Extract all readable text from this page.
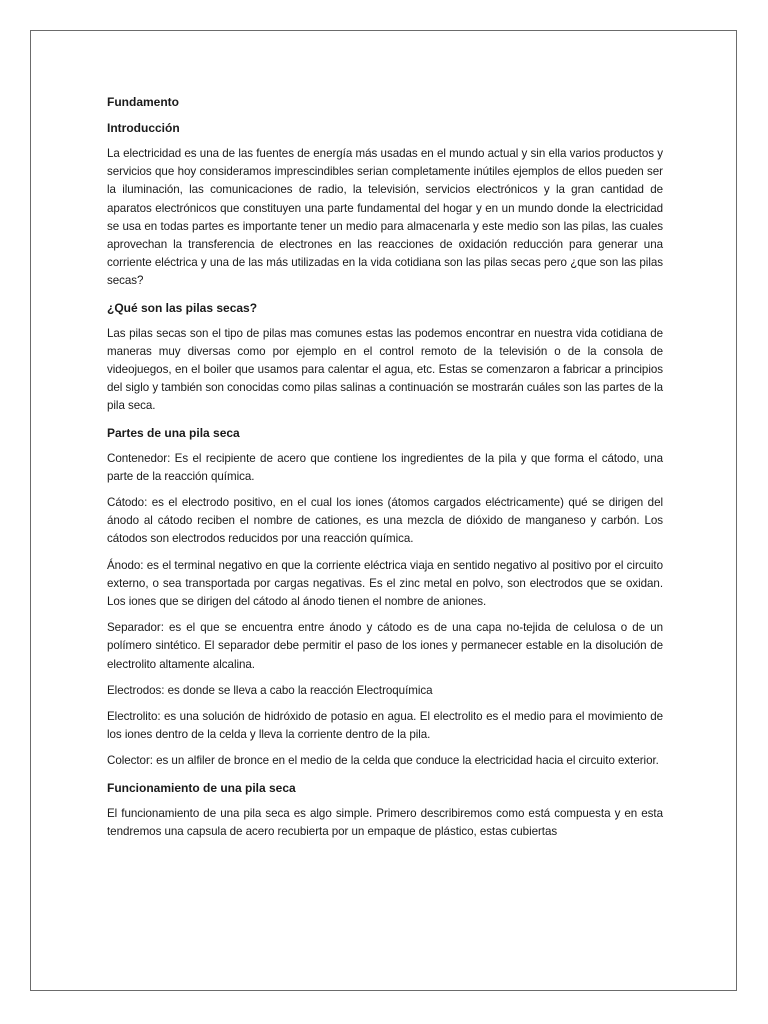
Fundamento
Introducción
La electricidad es una de las fuentes de energía más usadas en el mundo actual y sin ella varios productos y servicios que hoy consideramos imprescindibles serian completamente inútiles ejemplos de ellos pueden ser la iluminación, las comunicaciones de radio, la televisión, servicios electrónicos y la gran cantidad de aparatos electrónicos que constituyen una parte fundamental del hogar y en un mundo donde la electricidad se usa en todas partes es importante tener un medio para almacenarla y este medio son las pilas, las cuales aprovechan la transferencia de electrones en las reacciones de oxidación reducción para generar una corriente eléctrica y una de las más utilizadas en la vida cotidiana son las pilas secas pero ¿que son las pilas secas?
¿Qué son las pilas secas?
Las pilas secas son el tipo de pilas mas comunes estas las podemos encontrar en nuestra vida cotidiana de maneras muy diversas como por ejemplo en el control remoto de la televisión o de la consola de videojuegos, en el boiler que usamos para calentar el agua, etc. Estas se comenzaron a fabricar a principios del siglo y también son conocidas como pilas salinas a continuación se mostrarán cuáles son las partes de la pila seca.
Partes de una pila seca
Contenedor: Es el recipiente de acero que contiene los ingredientes de la pila y que forma el cátodo, una parte de la reacción química.
Cátodo: es el electrodo positivo, en el cual los iones (átomos cargados eléctricamente) qué se dirigen del ánodo al cátodo reciben el nombre de cationes, es una mezcla de dióxido de manganeso y carbón. Los cátodos son electrodos reducidos por una reacción química.
Ánodo: es el terminal negativo en que la corriente eléctrica viaja en sentido negativo al positivo por el circuito externo, o sea transportada por cargas negativas. Es el zinc metal en polvo, son electrodos que se oxidan. Los iones que se dirigen del cátodo al ánodo tienen el nombre de aniones.
Separador: es el que se encuentra entre ánodo y cátodo es de una capa no-tejida de celulosa o de un polímero sintético. El separador debe permitir el paso de los iones y permanecer estable en la disolución de electrolito altamente alcalina.
Electrodos: es donde se lleva a cabo la reacción Electroquímica
Electrolito: es una solución de hidróxido de potasio en agua. El electrolito es el medio para el movimiento de los iones dentro de la celda y lleva la corriente dentro de la pila.
Colector: es un alfiler de bronce en el medio de la celda que conduce la electricidad hacia el circuito exterior.
Funcionamiento de una pila seca
El funcionamiento de una pila seca es algo simple. Primero describiremos como está compuesta y en esta tendremos una capsula de acero recubierta por un empaque de plástico, estas cubiertas
